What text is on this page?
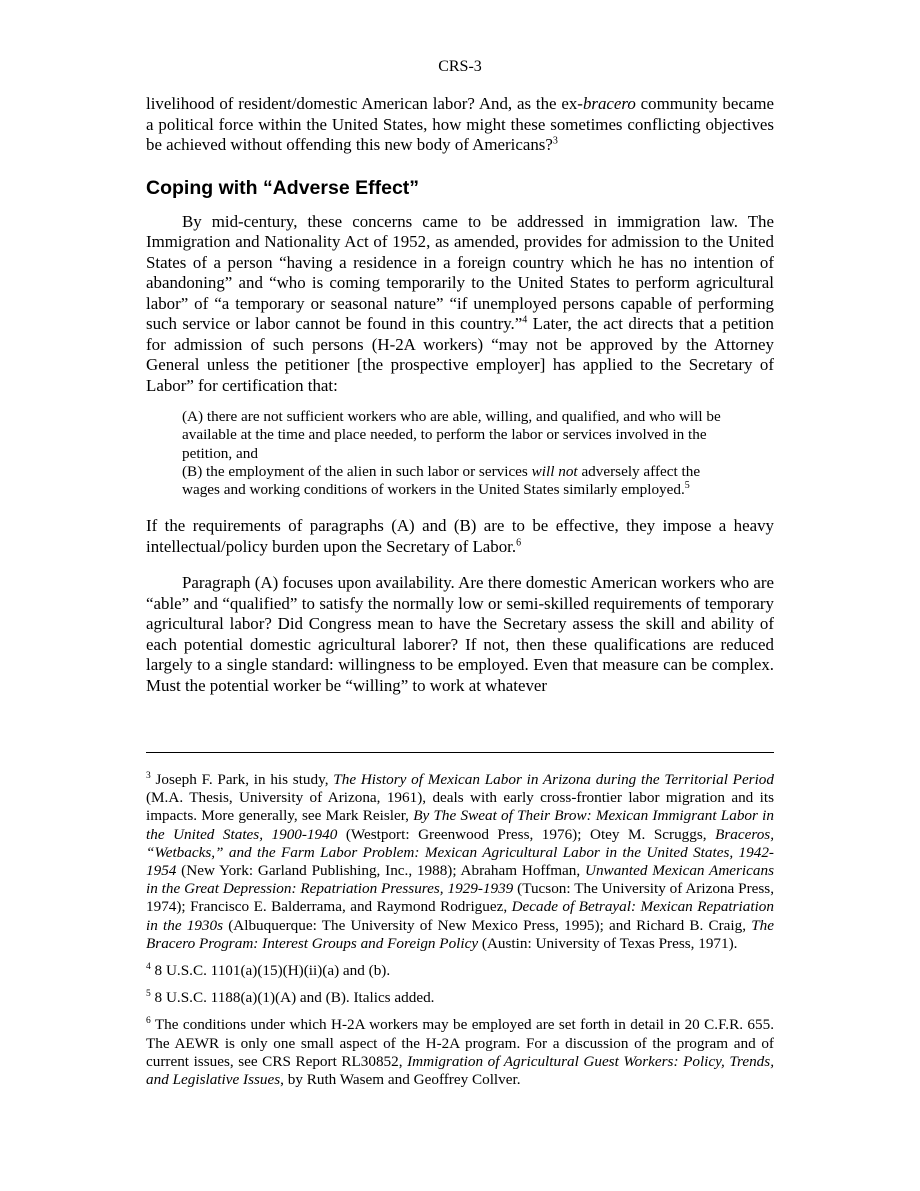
CRS-3

livelihood of resident/domestic American labor? And, as the ex-bracero community became a political force within the United States, how might these sometimes conflicting objectives be achieved without offending this new body of Americans?$^3$

Coping with “Adverse Effect”

By mid-century, these concerns came to be addressed in immigration law. The Immigration and Nationality Act of 1952, as amended, provides for admission to the United States of a person “having a residence in a foreign country which he has no intention of abandoning” and “who is coming temporarily to the United States to perform agricultural labor” of “a temporary or seasonal nature” “if unemployed persons capable of performing such service or labor cannot be found in this country.”$^4$ Later, the act directs that a petition for admission of such persons (H-2A workers) “may not be approved by the Attorney General unless the petitioner [the prospective employer] has applied to the Secretary of Labor” for certification that:

(A) there are not sufficient workers who are able, willing, and qualified, and who will be available at the time and place needed, to perform the labor or services involved in the petition, and
(B) the employment of the alien in such labor or services will not adversely affect the wages and working conditions of workers in the United States similarly employed.$^5$

If the requirements of paragraphs (A) and (B) are to be effective, they impose a heavy intellectual/policy burden upon the Secretary of Labor.$^6$

Paragraph (A) focuses upon availability. Are there domestic American workers who are “able” and “qualified” to satisfy the normally low or semi-skilled requirements of temporary agricultural labor? Did Congress mean to have the Secretary assess the skill and ability of each potential domestic agricultural laborer? If not, then these qualifications are reduced largely to a single standard: willingness to be employed. Even that measure can be complex. Must the potential worker be “willing” to work at whatever

$^3$ Joseph F. Park, in his study, The History of Mexican Labor in Arizona during the Territorial Period (M.A. Thesis, University of Arizona, 1961), deals with early cross-frontier labor migration and its impacts. More generally, see Mark Reisler, By The Sweat of Their Brow: Mexican Immigrant Labor in the United States, 1900-1940 (Westport: Greenwood Press, 1976); Otey M. Scruggs, Braceros, “Wetbacks,” and the Farm Labor Problem: Mexican Agricultural Labor in the United States, 1942-1954 (New York: Garland Publishing, Inc., 1988); Abraham Hoffman, Unwanted Mexican Americans in the Great Depression: Repatriation Pressures, 1929-1939 (Tucson: The University of Arizona Press, 1974); Francisco E. Balderrama, and Raymond Rodriguez, Decade of Betrayal: Mexican Repatriation in the 1930s (Albuquerque: The University of New Mexico Press, 1995); and Richard B. Craig, The Bracero Program: Interest Groups and Foreign Policy (Austin: University of Texas Press, 1971).
$^4$ 8 U.S.C. 1101(a)(15)(H)(ii)(a) and (b).
$^5$ 8 U.S.C. 1188(a)(1)(A) and (B). Italics added.
$^6$ The conditions under which H-2A workers may be employed are set forth in detail in 20 C.F.R. 655. The AEWR is only one small aspect of the H-2A program. For a discussion of the program and of current issues, see CRS Report RL30852, Immigration of Agricultural Guest Workers: Policy, Trends, and Legislative Issues, by Ruth Wasem and Geoffrey Collver.
